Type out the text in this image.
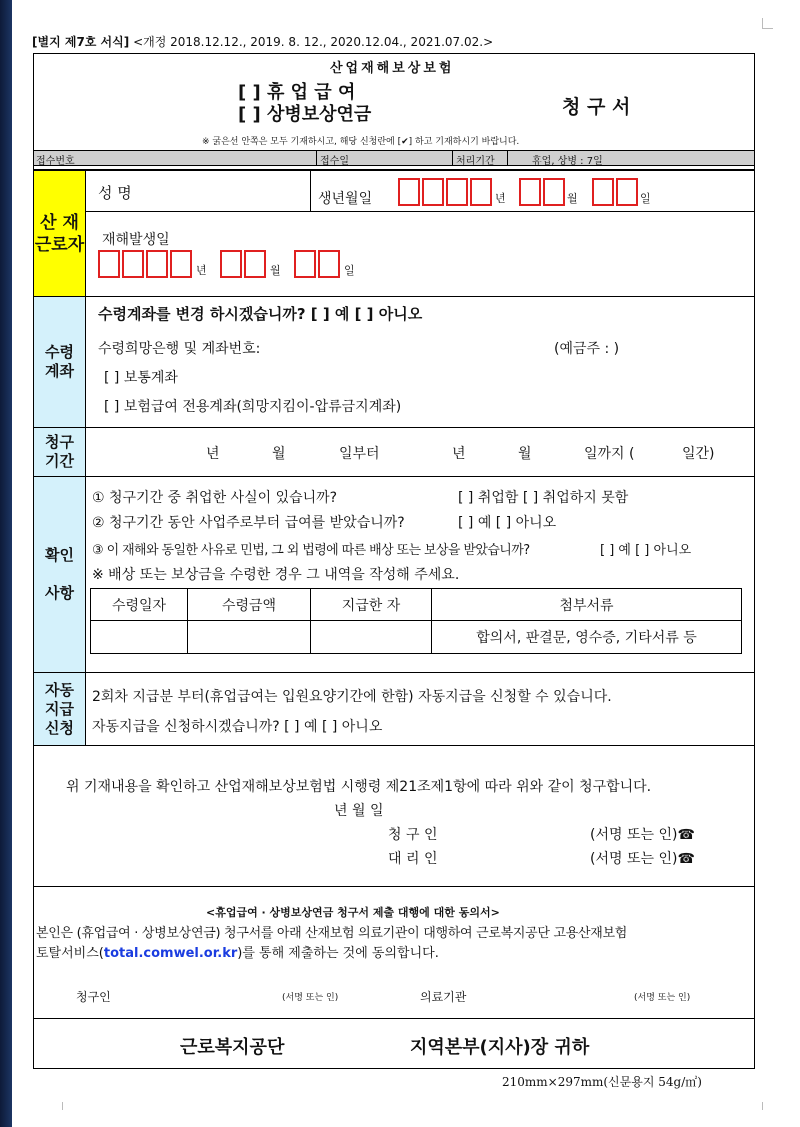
[별지 제7호 서식] <개정 2018.12.12., 2019. 8. 12., 2020.12.04., 2021.07.02.>
산업재해보상보험
[ ] 휴 업 급 여
[ ] 상병보상연금	청 구 서
※ 굵은선 안쪽은 모두 기재하시고, 해당 신청란에 [✔] 하고 기재하시기 바랍니다.
접수번호	접수일	처리기간	휴업, 상병 : 7일
산 재
근로자
성 명	생년월일	년	월	일
재해발생일
년	월	일
수령
계좌
수령계좌를 변경 하시겠습니까? [ ] 예 [ ] 아니오
수령희망은행 및 계좌번호:	(예금주 : )
[ ] 보통계좌
[ ] 보험급여 전용계좌(희망지킴이-압류금지계좌)
청구
기간	년	월	일부터	년	월	일까지 (	일간)
확인

사항
① 청구기간 중 취업한 사실이 있습니까?	[ ] 취업함 [ ] 취업하지 못함
② 청구기간 동안 사업주로부터 급여를 받았습니까?	[ ] 예 [ ] 아니오
③ 이 재해와 동일한 사유로 민법, 그 외 법령에 따른 배상 또는 보상을 받았습니까?	[ ] 예 [ ] 아니오
※ 배상 또는 보상금을 수령한 경우 그 내역을 작성해 주세요.
수령일자	수령금액	지급한 자	첨부서류
			합의서, 판결문, 영수증, 기타서류 등
자동
지급
신청
2회차 지급분 부터(휴업급여는 입원요양기간에 한함) 자동지급을 신청할 수 있습니다.
자동지급을 신청하시겠습니까? [ ] 예 [ ] 아니오
위 기재내용을 확인하고 산업재해보상보험법 시행령 제21조제1항에 따라 위와 같이 청구합니다.
년 월 일
청 구 인	(서명 또는 인)☎
대 리 인	(서명 또는 인)☎
<휴업급여 · 상병보상연금 청구서 제출 대행에 대한 동의서>
본인은 (휴업급여 · 상병보상연금) 청구서를 아래 산재보험 의료기관이 대행하여 근로복지공단 고용산재보험
토탈서비스(total.comwel.or.kr)를 통해 제출하는 것에 동의합니다.
청구인	(서명 또는 인)	의료기관	(서명 또는 인)
근로복지공단	지역본부(지사)장 귀하
210mm×297mm(신문용지 54g/㎡)
